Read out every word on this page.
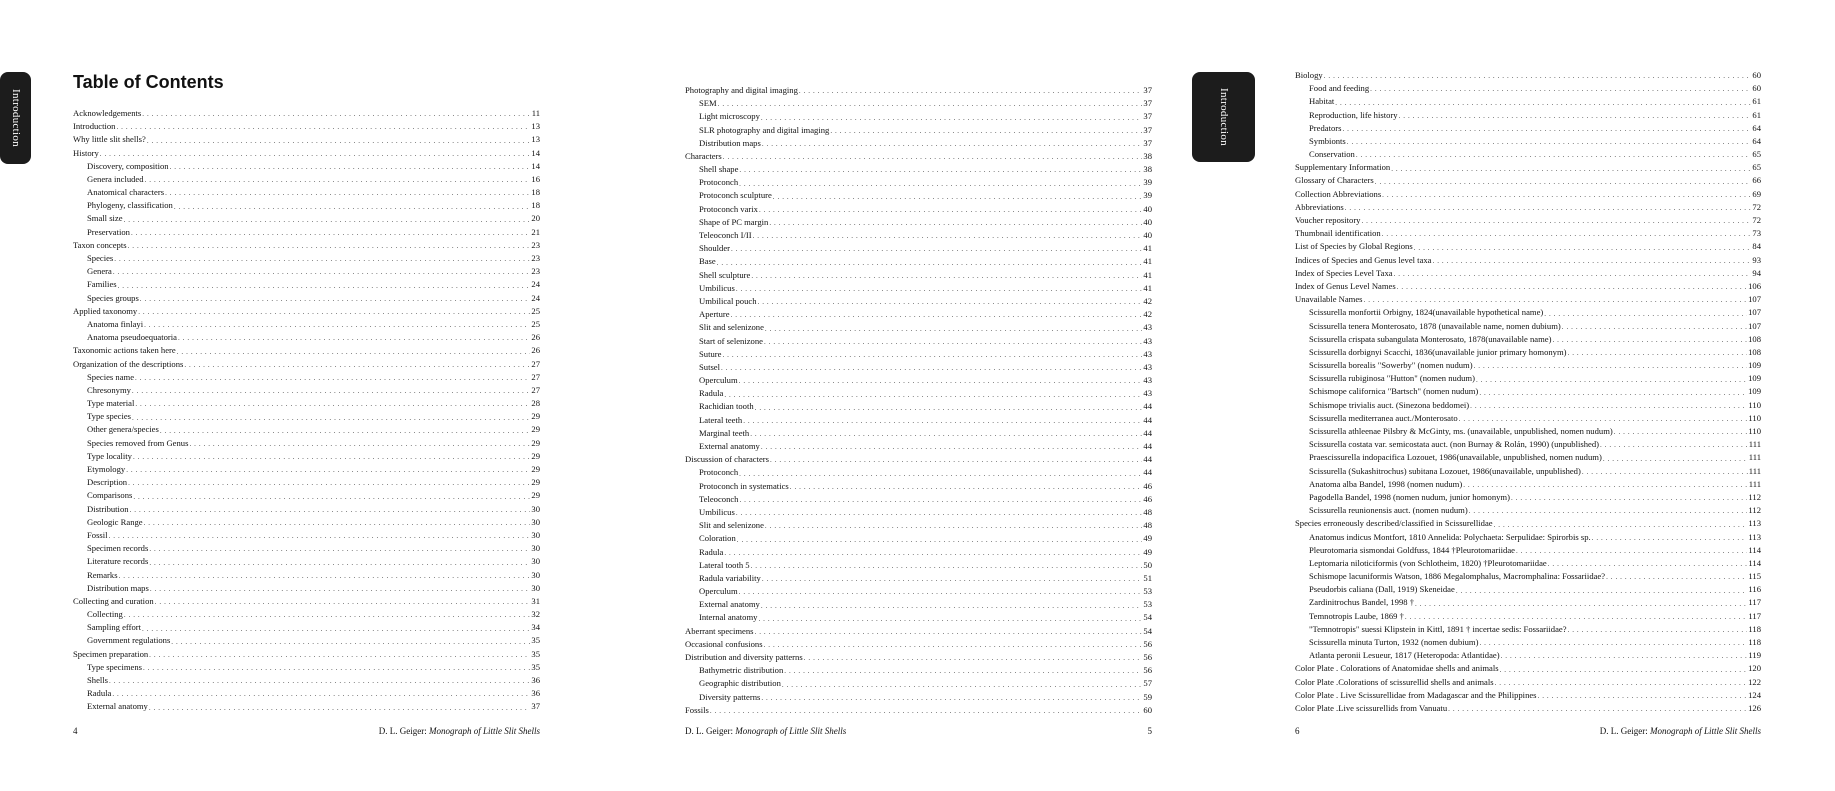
Introduction
Table of Contents
Acknowledgements . . .	11
Introduction . . .	13
Why little slit shells? . . .	13
History . . .	14
Discovery, composition . . .	14
Genera included . . .	16
Anatomical characters . . .	18
Phylogeny, classification . . .	18
Small size . . .	20
Preservation . . .	21
Taxon concepts . . .	23
Species . . .	23
Genera . . .	23
Families . . .	24
Species groups . . .	24
Applied taxonomy . . .	25
Anatoma finlayi . . .	25
Anatoma pseudoequatoria . . .	26
Taxonomic actions taken here . . .	26
Organization of the descriptions . . .	27
Species name . . .	27
Chresonymy . . .	27
Type material . . .	28
Type species . . .	29
Other genera/species . . .	29
Species removed from Genus . . .	29
Type locality . . .	29
Etymology . . .	29
Description . . .	29
Comparisons . . .	29
Distribution . . .	30
Geologic Range . . .	30
Fossil . . .	30
Specimen records . . .	30
Literature records . . .	30
Remarks . . .	30
Distribution maps . . .	30
Collecting and curation . . .	31
Collecting . . .	32
Sampling effort . . .	34
Government regulations . . .	35
Specimen preparation . . .	35
Type specimens . . .	35
Shells . . .	36
Radula . . .	36
External anatomy . . .	37
4	D. L. Geiger: Monograph of Little Slit Shells
Photography and digital imaging . . .	37
SEM . . .	37
Light microscopy . . .	37
SLR photography and digital imaging . . .	37
Distribution maps . . .	37
Characters . . .	38
Shell shape . . .	38
Protoconch . . .	39
Protoconch sculpture . . .	39
Protoconch varix . . .	40
Shape of PC margin . . .	40
Teleoconch I/II . . .	40
Shoulder . . .	41
Base . . .	41
Shell sculpture . . .	41
Umbilicus . . .	41
Umbilical pouch . . .	42
Aperture . . .	42
Slit and selenizone . . .	43
Start of selenizone . . .	43
Suture . . .	43
Sutsel . . .	43
Operculum . . .	43
Radula . . .	43
Rachidian tooth . . .	44
Lateral teeth . . .	44
Marginal teeth . . .	44
External anatomy . . .	44
Discussion of characters . . .	44
Protoconch . . .	44
Protoconch in systematics . . .	46
Teleoconch . . .	46
Umbilicus . . .	48
Slit and selenizone . . .	48
Coloration . . .	49
Radula . . .	49
Lateral tooth 5 . . .	50
Radula variability . . .	51
Operculum . . .	53
External anatomy . . .	53
Internal anatomy . . .	54
Aberrant specimens . . .	54
Occasional confusions . . .	56
Distribution and diversity patterns . . .	56
Bathymetric distribution . . .	56
Geographic distribution . . .	57
Diversity patterns . . .	59
Fossils . . .	60
D. L. Geiger: Monograph of Little Slit Shells	5
Introduction
Biology . . .	60
Food and feeding . . .	60
Habitat . . .	61
Reproduction, life history . . .	61
Predators . . .	64
Symbionts . . .	64
Conservation . . .	65
Supplementary Information . . .	65
Glossary of Characters . . .	66
Collection Abbreviations . . .	69
Abbreviations . . .	72
Voucher repository . . .	72
Thumbnail identification . . .	73
List of Species by Global Regions . . .	84
Indices of Species and Genus level taxa . . .	93
Index of Species Level Taxa . . .	94
Index of Genus Level Names . . .	106
Unavailable Names . . .	107
Scissurella monfortii Orbigny, 1824(unavailable hypothetical name) . . .	107
Scissurella tenera Monterosato, 1878 (unavailable name, nomen dubium) . . .	107
Scissurella crispata subangulata Monterosato, 1878(unavailable name) . . .	108
Scissurella dorbignyi Scacchi, 1836(unavailable junior primary homonym) . . .	108
Scissurella borealis "Sowerby" (nomen nudum) . . .	109
Scissurella rubiginosa "Hutton" (nomen nudum) . . .	109
Schismope californica "Bartsch" (nomen nudum) . . .	109
Schismope trivialis auct. (Sinezona beddomei) . . .	110
Scissurella mediterranea auct./Monterosato . . .	110
Scissurella athleenae Pilsbry & McGinty, ms. (unavailable, unpublished, nomen nudum) . . .	110
Scissurella costata var. semicostata auct. (non Burnay & Rolán, 1990) (unpublished) . . .	111
Praescissurella indopacifica Lozouet, 1986(unavailable, unpublished, nomen nudum) . . .	111
Scissurella (Sukashitrochus) subitana Lozouet, 1986(unavailable, unpublished) . . .	111
Anatoma alba Bandel, 1998 (nomen nudum) . . .	111
Pagodella Bandel, 1998 (nomen nudum, junior homonym) . . .	112
Scissurella reunionensis auct. (nomen nudum) . . .	112
Species erroneously described/classified in Scissurellidae . . .	113
Anatomus indicus Montfort, 1810 Annelida: Polychaeta: Serpulidae: Spirorbis sp. . . .	113
Pleurotomaria sismondai Goldfuss, 1844 †Pleurotomariidae . . .	114
Leptomaria niloticiformis (von Schlotheim, 1820) †Pleurotomariidae . . .	114
Schismope lacuniformis Watson, 1886 Megalomphalus, Macromphalina: Fossariidae? . . .	115
Pseudorbis caliana (Dall, 1919) Skeneidae . . .	116
Zardinitrochus Bandel, 1998 † . . .	117
Temnotropis Laube, 1869 † . . .	117
"Temnotropis" suessi Klipstein in Kittl, 1891 † incertae sedis: Fossariidae? . . .	118
Scissurella minuta Turton, 1932 (nomen dubium) . . .	118
Atlanta peronii Lesueur, 1817 (Heteropoda: Atlantidae) . . .	119
Color Plate . Colorations of Anatomidae shells and animals . . .	120
Color Plate .Colorations of scissurellid shells and animals . . .	122
Color Plate . Live Scissurellidae from Madagascar and the Philippines . . .	124
Color Plate .Live scissurellids from Vanuatu . . .	126
6	D. L. Geiger: Monograph of Little Slit Shells
